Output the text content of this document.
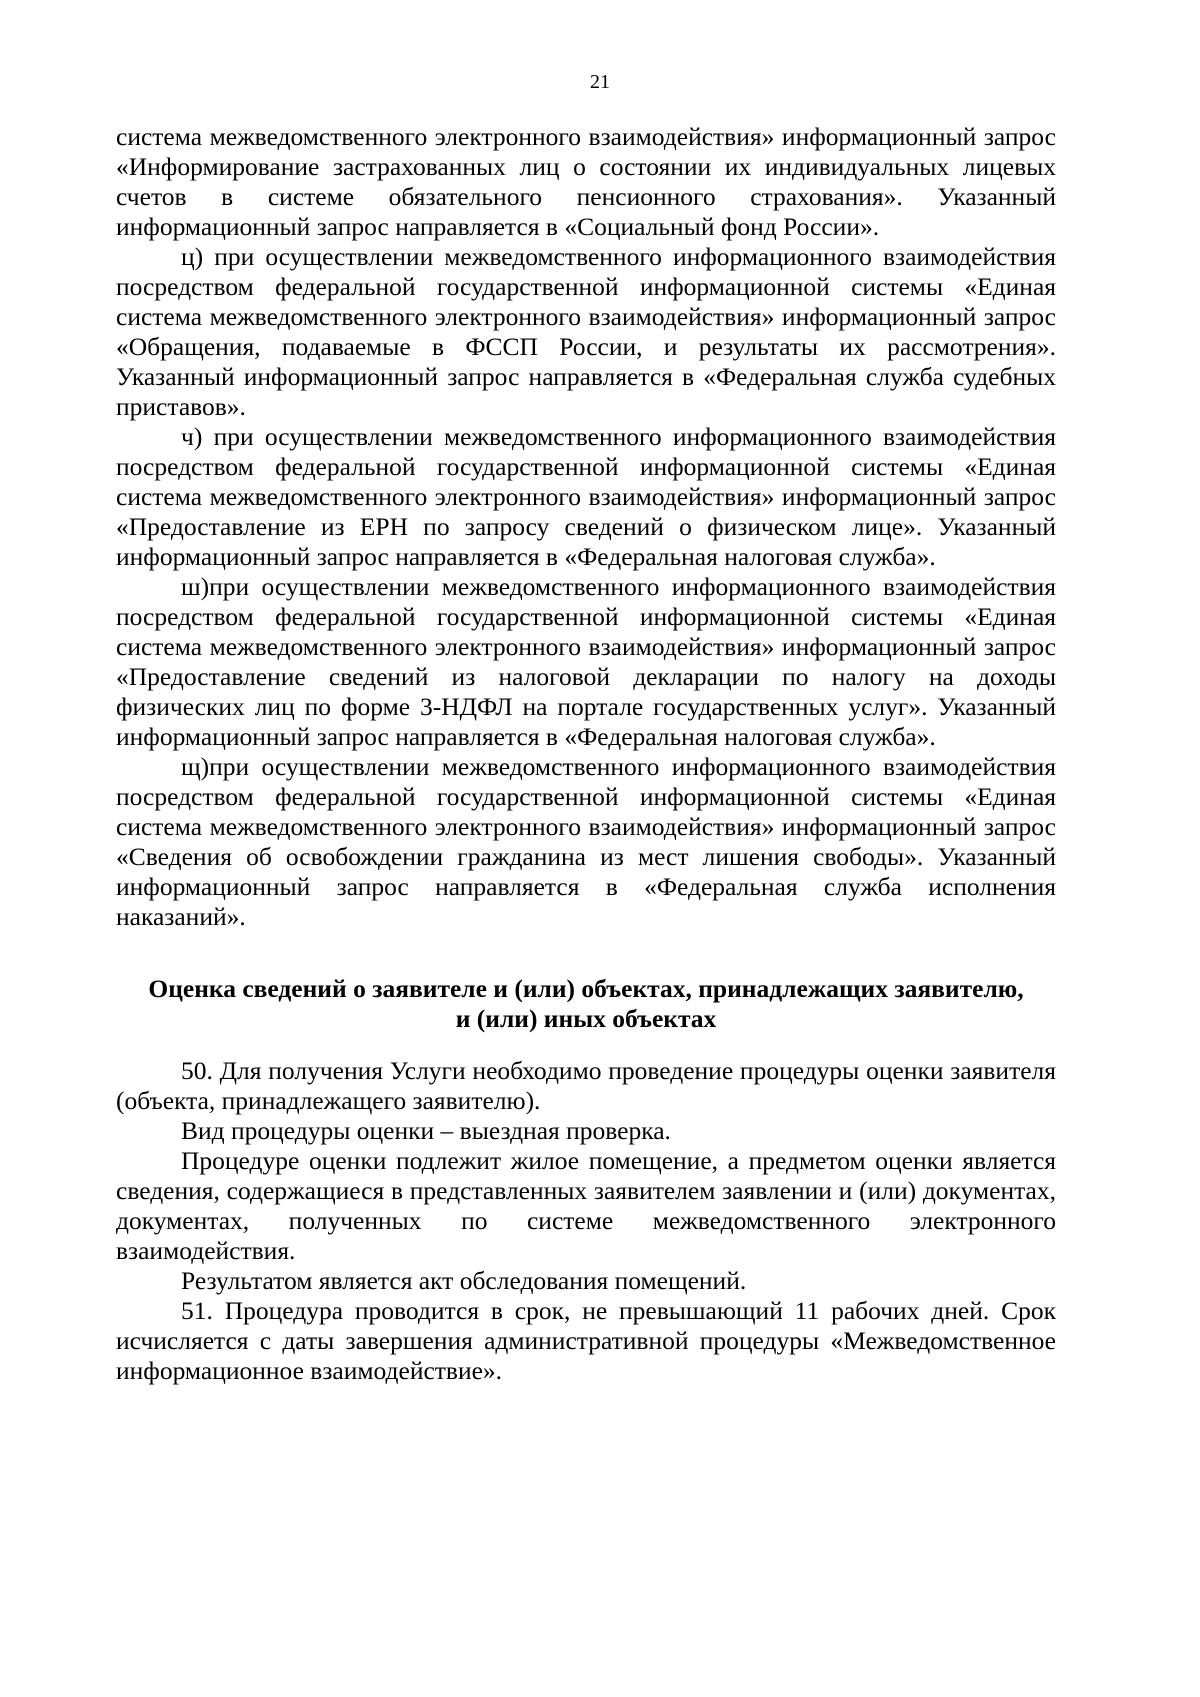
21

система межведомственного электронного взаимодействия» информационный запрос «Информирование застрахованных лиц о состоянии их индивидуальных лицевых счетов в системе обязательного пенсионного страхования». Указанный информационный запрос направляется в «Социальный фонд России».

ц) при осуществлении межведомственного информационного взаимодействия посредством федеральной государственной информационной системы «Единая система межведомственного электронного взаимодействия» информационный запрос «Обращения, подаваемые в ФССП России, и результаты их рассмотрения». Указанный информационный запрос направляется в «Федеральная служба судебных приставов».

ч) при осуществлении межведомственного информационного взаимодействия посредством федеральной государственной информационной системы «Единая система межведомственного электронного взаимодействия» информационный запрос «Предоставление из ЕРН по запросу сведений о физическом лице». Указанный информационный запрос направляется в «Федеральная налоговая служба».

ш)при осуществлении межведомственного информационного взаимодействия посредством федеральной государственной информационной системы «Единая система межведомственного электронного взаимодействия» информационный запрос «Предоставление сведений из налоговой декларации по налогу на доходы физических лиц по форме 3-НДФЛ на портале государственных услуг». Указанный информационный запрос направляется в «Федеральная налоговая служба».

щ)при осуществлении межведомственного информационного взаимодействия посредством федеральной государственной информационной системы «Единая система межведомственного электронного взаимодействия» информационный запрос «Сведения об освобождении гражданина из мест лишения свободы». Указанный информационный запрос направляется в «Федеральная служба исполнения наказаний».

Оценка сведений о заявителе и (или) объектах, принадлежащих заявителю,
и (или) иных объектах

50. Для получения Услуги необходимо проведение процедуры оценки заявителя (объекта, принадлежащего заявителю).

Вид процедуры оценки – выездная проверка.

Процедуре оценки подлежит жилое помещение, а предметом оценки является сведения, содержащиеся в представленных заявителем заявлении и (или) документах, документах, полученных по системе межведомственного электронного взаимодействия.

Результатом является акт обследования помещений.

51. Процедура проводится в срок, не превышающий 11 рабочих дней. Срок исчисляется с даты завершения административной процедуры «Межведомственное информационное взаимодействие».
